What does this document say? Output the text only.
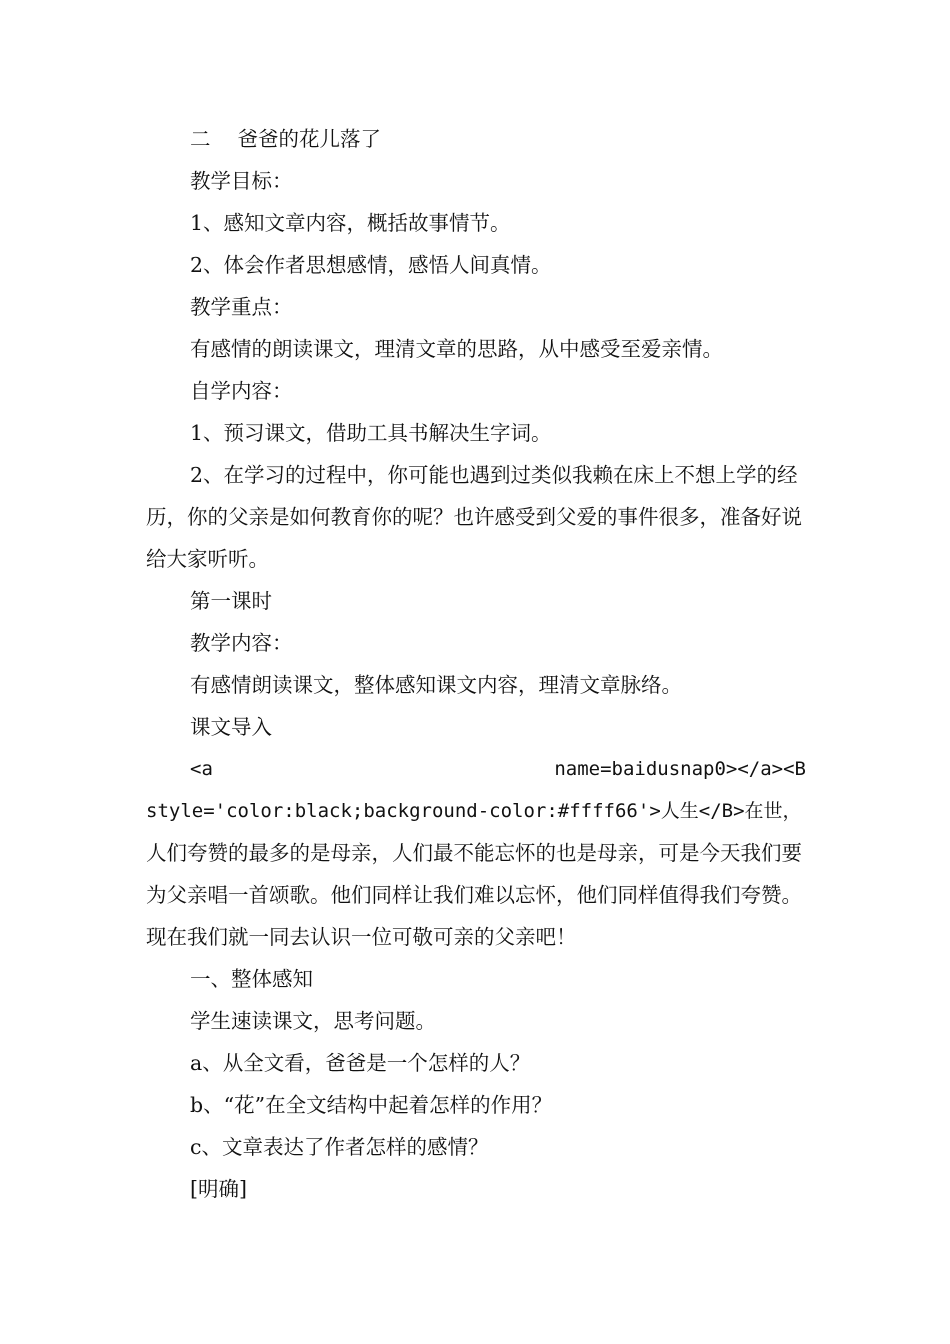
二　 爸爸的花儿落了

教学目标：

1、感知文章内容，概括故事情节。

2、体会作者思想感情，感悟人间真情。

教学重点：

有感情的朗读课文，理清文章的思路，从中感受至爱亲情。

自学内容：

1、预习课文，借助工具书解决生字词。

2、在学习的过程中，你可能也遇到过类似我赖在床上不想上学的经历，你的父亲是如何教育你的呢？也许感受到父爱的事件很多，准备好说给大家听听。

第一课时

教学内容：

有感情朗读课文，整体感知课文内容，理清文章脉络。

课文导入

<a	name=baidusnap0></a><B

style='color:black;background-color:#ffff66'>人生</B>在世，

人们夸赞的最多的是母亲，人们最不能忘怀的也是母亲，可是今天我们要为父亲唱一首颂歌。他们同样让我们难以忘怀，他们同样值得我们夸赞。现在我们就一同去认识一位可敬可亲的父亲吧！

一、整体感知

学生速读课文，思考问题。

a、从全文看，爸爸是一个怎样的人？

b、“花”在全文结构中起着怎样的作用？

c、文章表达了作者怎样的感情？

[明确]
